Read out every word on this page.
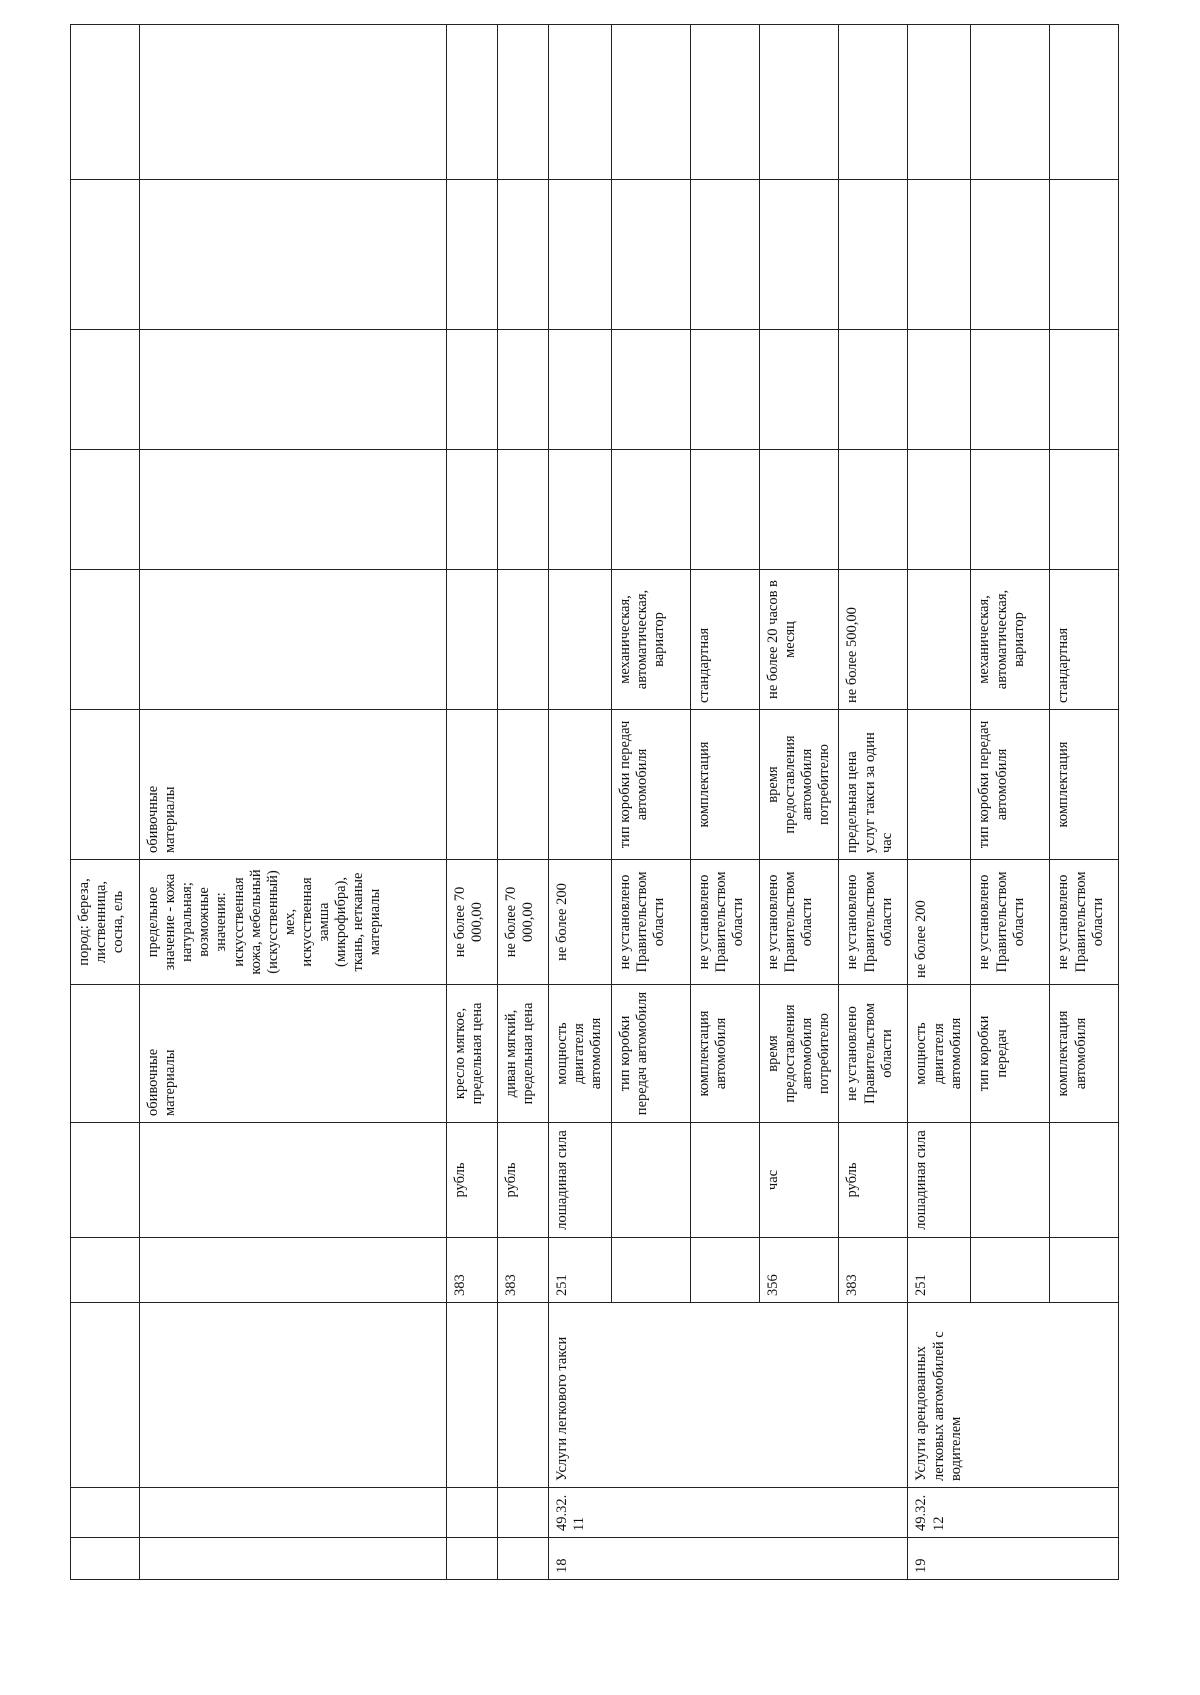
						пород: береза, лиственница, сосна, ель							
					обивочные материалы	предельное значение - кожа натуральная; возможные значения: искусственная кожа, мебельный (искусственный) мех, искусственная замша (микрофибра), ткань, нетканые материалы	обивочные материалы						
			383	рубль	кресло мягкое, предельная цена	не более 70 000,00							
			383	рубль	диван мягкий, предельная цена	не более 70 000,00							
18	49.32.11	Услуги легкового такси	251	лошадиная сила	мощность двигателя автомобиля	не более 200							
					тип коробки передач автомобиля	не установлено Правительством области	тип коробки передач автомобиля	механическая, автоматическая, вариатор					
					комплектация автомобиля	не установлено Правительством области	комплектация	стандартная					
			356	час	время предоставления автомобиля потребителю	не установлено Правительством области	время предоставления автомобиля потребителю	не более 20 часов в месяц					
			383	рубль	не установлено Правительством области	не установлено Правительством области	предельная цена услуг такси за один час	не более 500,00					
19	49.32.12	Услуги арендованных легковых автомобилей с водителем	251	лошадиная сила	мощность двигателя автомобиля	не более 200							
					тип коробки передач	не установлено Правительством области	тип коробки передач автомобиля	механическая, автоматическая, вариатор					
					комплектация автомобиля	не установлено Правительством области	комплектация	стандартная					
